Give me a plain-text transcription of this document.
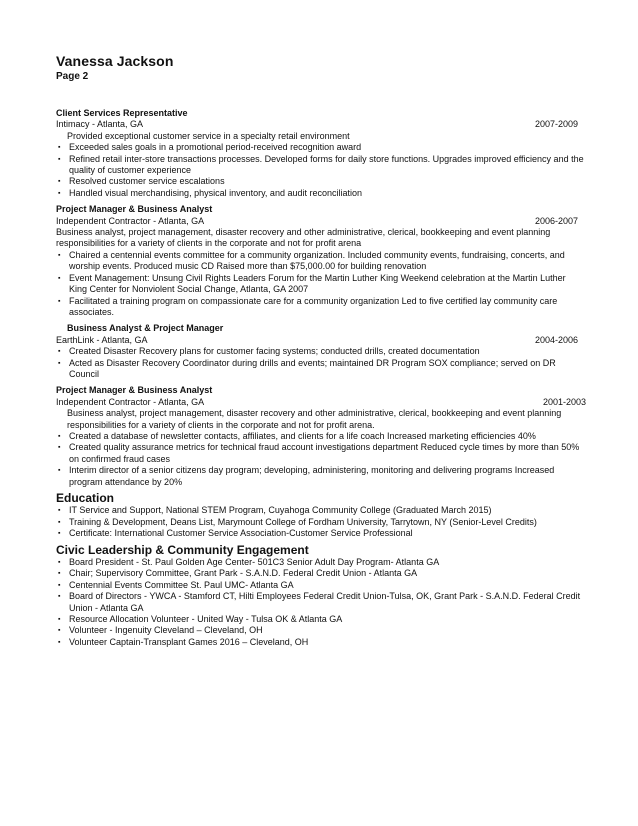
Vanessa Jackson
Page 2
Client Services Representative
Intimacy - Atlanta, GA	2007-2009
Provided exceptional customer service in a specialty retail environment
▪ Exceeded sales goals in a promotional period-received recognition award
▪ Refined retail inter-store transactions processes. Developed forms for daily store functions. Upgrades improved efficiency and the quality of customer experience
▪ Resolved customer service escalations
▪ Handled visual merchandising, physical inventory, and audit reconciliation
Project Manager & Business Analyst
Independent Contractor - Atlanta, GA	2006-2007
Business analyst, project management, disaster recovery and other administrative, clerical, bookkeeping and event planning responsibilities for a variety of clients in the corporate and not for profit arena
▪ Chaired a centennial events committee for a community organization. Included community events, fundraising, concerts, and worship events. Produced music CD Raised more than $75,000.00 for building renovation
▪ Event Management: Unsung Civil Rights Leaders Forum for the Martin Luther King Weekend celebration at the Martin Luther King Center for Nonviolent Social Change, Atlanta, GA 2007
▪ Facilitated a training program on compassionate care for a community organization Led to five certified lay community care associates.
Business Analyst & Project Manager
EarthLink - Atlanta, GA	2004-2006
▪ Created Disaster Recovery plans for customer facing systems; conducted drills, created documentation
▪ Acted as Disaster Recovery Coordinator during drills and events; maintained DR Program SOX compliance; served on DR Council
Project Manager & Business Analyst
Independent Contractor - Atlanta, GA	2001-2003
Business analyst, project management, disaster recovery and other administrative, clerical, bookkeeping and event planning responsibilities for a variety of clients in the corporate and not for profit arena.
▪ Created a database of newsletter contacts, affiliates, and clients for a life coach Increased marketing efficiencies 40%
▪ Created quality assurance metrics for technical fraud account investigations department Reduced cycle times by more than 50% on confirmed fraud cases
▪ Interim director of a senior citizens day program; developing, administering, monitoring and delivering programs Increased program attendance by 20%
Education
▪ IT Service and Support, National STEM Program, Cuyahoga Community College (Graduated March 2015)
▪ Training & Development, Deans List, Marymount College of Fordham University, Tarrytown, NY (Senior-Level Credits)
▪ Certificate: International Customer Service Association-Customer Service Professional
Civic Leadership & Community Engagement
▪ Board President - St. Paul Golden Age Center- 501C3 Senior Adult Day Program- Atlanta GA
▪ Chair; Supervisory Committee, Grant Park - S.A.N.D. Federal Credit Union - Atlanta GA
▪ Centennial Events Committee St. Paul UMC- Atlanta GA
▪ Board of Directors - YWCA - Stamford CT, Hilti Employees Federal Credit Union-Tulsa, OK, Grant Park - S.A.N.D. Federal Credit Union - Atlanta GA
▪ Resource Allocation Volunteer - United Way - Tulsa OK & Atlanta GA
▪ Volunteer - Ingenuity Cleveland – Cleveland, OH
▪ Volunteer Captain-Transplant Games 2016 – Cleveland, OH
